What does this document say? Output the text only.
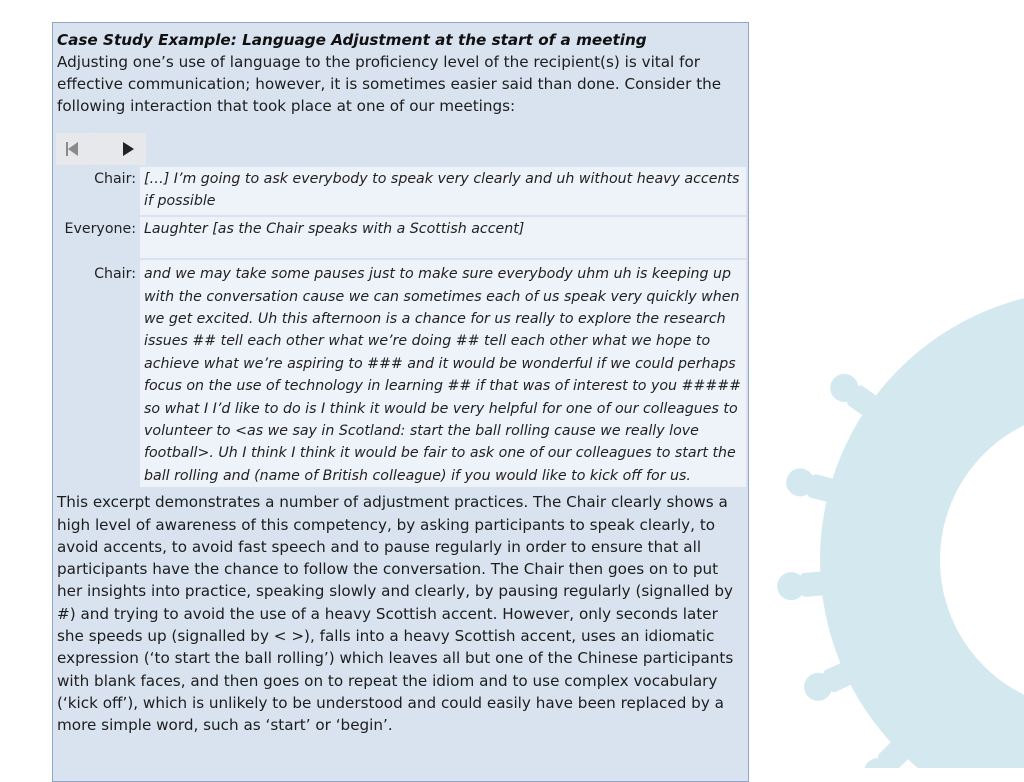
Case Study Example: Language Adjustment at the start of a meeting
Adjusting one’s use of language to the proficiency level of the recipient(s) is vital for effective communication; however, it is sometimes easier said than done. Consider the following interaction that took place at one of our meetings:
Chair: […] I’m going to ask everybody to speak very clearly and uh without heavy accents if possible
Everyone: Laughter [as the Chair speaks with a Scottish accent]
Chair: and we may take some pauses just to make sure everybody uhm uh is keeping up with the conversation cause we can sometimes each of us speak very quickly when we get excited. Uh this afternoon is a chance for us really to explore the research issues ## tell each other what we’re doing ## tell each other what we hope to achieve what we’re aspiring to ### and it would be wonderful if we could perhaps focus on the use of technology in learning ## if that was of interest to you ##### so what I I’d like to do is I think it would be very helpful for one of our colleagues to volunteer to <as we say in Scotland: start the ball rolling cause we really love football>. Uh I think I think it would be fair to ask one of our colleagues to start the ball rolling and (name of British colleague) if you would like to kick off for us.
This excerpt demonstrates a number of adjustment practices. The Chair clearly shows a high level of awareness of this competency, by asking participants to speak clearly, to avoid accents, to avoid fast speech and to pause regularly in order to ensure that all participants have the chance to follow the conversation. The Chair then goes on to put her insights into practice, speaking slowly and clearly, by pausing regularly (signalled by #) and trying to avoid the use of a heavy Scottish accent. However, only seconds later she speeds up (signalled by < >), falls into a heavy Scottish accent, uses an idiomatic expression (‘to start the ball rolling’) which leaves all but one of the Chinese participants with blank faces, and then goes on to repeat the idiom and to use complex vocabulary (‘kick off’), which is unlikely to be understood and could easily have been replaced by a more simple word, such as ‘start’ or ‘begin’.
